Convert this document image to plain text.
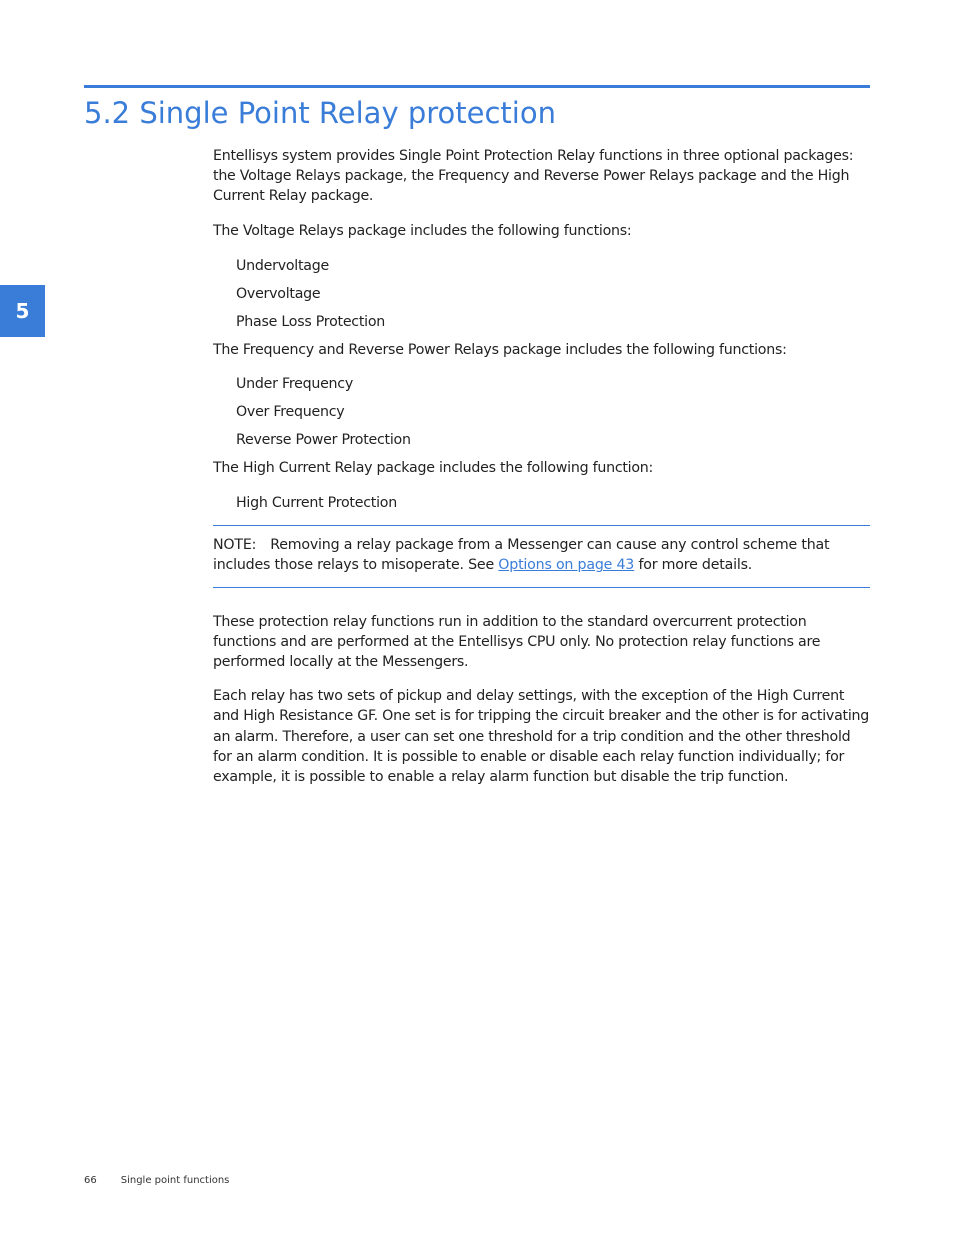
5.2 Single Point Relay protection
5

Entellisys system provides Single Point Protection Relay functions in three optional packages: the Voltage Relays package, the Frequency and Reverse Power Relays package and the High Current Relay package.

The Voltage Relays package includes the following functions:

Undervoltage
Overvoltage
Phase Loss Protection

The Frequency and Reverse Power Relays package includes the following functions:

Under Frequency
Over Frequency
Reverse Power Protection

The High Current Relay package includes the following function:

High Current Protection

NOTE: Removing a relay package from a Messenger can cause any control scheme that includes those relays to misoperate. See Options on page 43 for more details.

These protection relay functions run in addition to the standard overcurrent protection functions and are performed at the Entellisys CPU only. No protection relay functions are performed locally at the Messengers.

Each relay has two sets of pickup and delay settings, with the exception of the High Current and High Resistance GF. One set is for tripping the circuit breaker and the other is for activating an alarm. Therefore, a user can set one threshold for a trip condition and the other threshold for an alarm condition. It is possible to enable or disable each relay function individually; for example, it is possible to enable a relay alarm function but disable the trip function.

66 Single point functions
